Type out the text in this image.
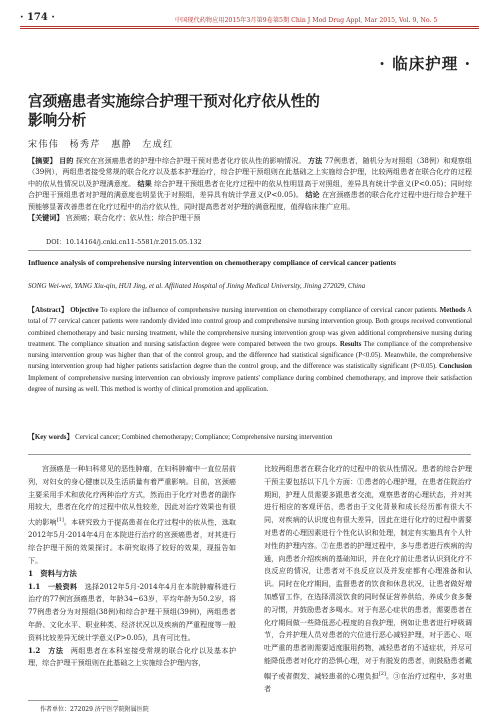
· 174 ·	中国现代药物应用2015年3月第9卷第5期 Chin J Mod Drug Appl, Mar 2015, Vol. 9, No. 5
· 临床护理 ·
宫颈癌患者实施综合护理干预对化疗依从性的
影响分析
宋伟伟　杨秀芹　惠静　左成红
【摘要】 目的 探究在宫颈癌患者的护理中综合护理干预对患者化疗依从性的影响情况。 方法 77例患者，随机分为对照组（38例）和观察组（39例），两组患者接受常规的联合化疗以及基本护理治疗，综合护理干预组则在此基础之上实施综合护理，比较两组患者在联合化疗的过程中的依从性情况以及护理满意度。 结果 综合护理干预组患者在化疗过程中的依从性明显高于对照组，差异具有统计学意义(P<0.05)；同时综合护理干预组患者对护理的满意度也明显优于对照组，差异具有统计学意义(P<0.05)。 结论 在宫颈癌患者的联合化疗过程中进行综合护理干预能够显著改善患者在化疗过程中的治疗依从性，同时提高患者对护理的满意程度，值得临床推广应用。
【关键词】 宫颈癌；联合化疗；依从性；综合护理干预
DOI：10.14164/j.cnki.cn11-5581/r.2015.05.132
Influence analysis of comprehensive nursing intervention on chemotherapy compliance of cervical cancer patients
SONG Wei-wei, YANG Xiu-qin, HUI Jing, et al. Affiliated Hospital of Jining Medical University, Jining 272029, China
【Abstract】 Objective To explore the influence of comprehensive nursing intervention on chemotherapy compliance of cervical cancer patients. Methods A total of 77 cervical cancer patients were randomly divided into control group and comprehensive nursing intervention group. Both groups received conventional combined chemotherapy and basic nursing treatment, while the comprehensive nursing intervention group was given additional comprehensive nursing during treatment. The compliance situation and nursing satisfaction degree were compared between the two groups. Results The compliance of the comprehensive nursing intervention group was higher than that of the control group, and the difference had statistical significance (P<0.05). Meanwhile, the comprehensive nursing intervention group had higher patients satisfaction degree than the control group, and the difference was statistically significant (P<0.05). Conclusion Implement of comprehensive nursing intervention can obviously improve patients' compliance during combined chemotherapy, and improve their satisfaction degree of nursing as well. This method is worthy of clinical promotion and application.
【Key words】 Cervical cancer; Combined chemotherapy; Compliance; Comprehensive nursing intervention

宫颈癌是一种妇科常见的恶性肿瘤，在妇科肿瘤中一直位居前列，对妇女的身心健康以及生活质量有着严重影响。目前，宫颈癌主要采用手术和放化疗两种治疗方式，然而由于化疗对患者的副作用较大，患者在化疗的过程中依从性较差，因此对治疗效果也有很大的影响[1]。本研究致力于提高患者在化疗过程中的依从性，选取2012年5月-2014年4月在本院进行治疗的宫颈癌患者，对其进行综合护理干预的效果探讨。本研究取得了较好的效果，现报告如下。

1　资料与方法

1.1　一般资料　 选择2012年5月-2014年4月在本院肿瘤科进行治疗的77例宫颈癌患者，年龄34~63岁，平均年龄为50.2岁，将77例患者分为对照组(38例)和综合护理干预组(39例)，两组患者年龄、文化水平、职业种类、经济状况以及疾病的严重程度等一般资料比较差异无统计学意义(P>0.05)，具有可比性。

1.2　方法　 两组患者在本科室接受常规的联合化疗以及基本护理，综合护理干预组则在此基础之上实施综合护理内容，

比较两组患者在联合化疗的过程中的依从性情况。患者的综合护理干预主要包括以下几个方面：①患者的心理护理，在患者住院治疗期间，护理人员需要多跟患者交流，观察患者的心理状态，并对其进行相应的客观评估，患者由于文化背景和成长经历都有很大不同，对疾病的认识度也有很大差异，因此在进行化疗的过程中需要对患者的心理因素进行个性化认识和处理，制定有实施具有个人针对性的护理内容。②在患者的护理过程中，多与患者进行疾病的沟通，向患者介绍疾病的基础知识，并在化疗前让患者认识到化疗不良反应的情况，让患者对不良反应以及并发症都有心理准备和认识。同时在化疗期间，监督患者的饮食和休息状况，让患者做好增加感冒工作，在选择清淡饮食的同时保证营养供给，养成少食多餐的习惯，并鼓励患者多喝水。对于有恶心症状的患者，需要患者在化疗期间做一些降低恶心程度的自我护理，例如让患者进行呼吸调节，合并护理人员对患者的穴位进行恶心减轻护理，对于恶心、呕吐严重的患者则需要适度服用药物，减轻患者的不适症状，并尽可能降低患者对化疗的恐惧心理，对于有脱发的患者，则鼓励患者戴帽子或者假发，减轻患者的心理负担[2]。③在治疗过程中，多对患者

作者单位：272029 济宁医学院附属医院
